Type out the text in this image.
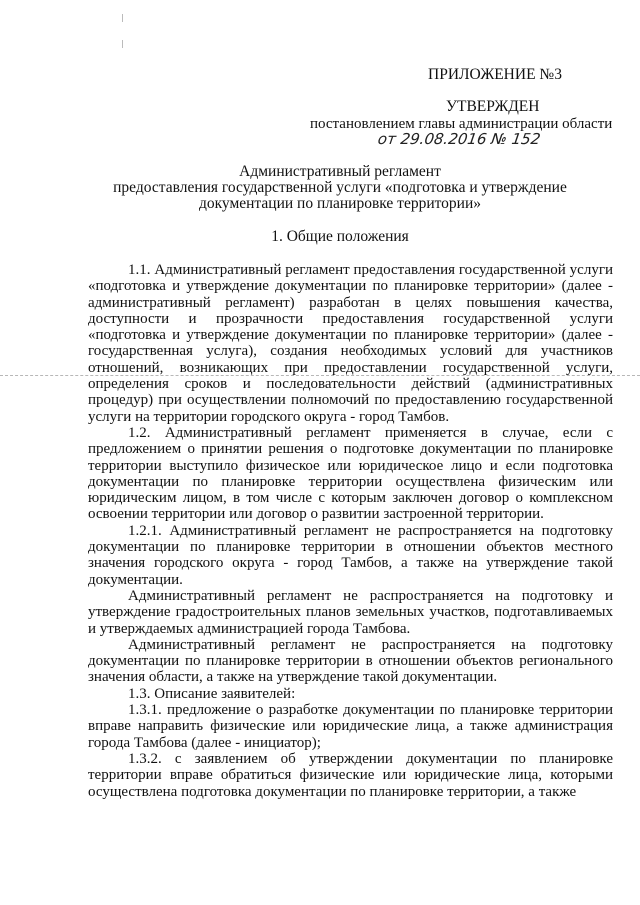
ПРИЛОЖЕНИЕ №3
УТВЕРЖДЕН
постановлением главы администрации области
от 29.08.2016 № 152
Административный регламент
предоставления государственной услуги «подготовка и утверждение
документации по планировке территории»
1. Общие положения

1.1. Административный регламент предоставления государственной услуги «подготовка и утверждение документации по планировке территории» (далее - административный регламент) разработан в целях повышения качества, доступности и прозрачности предоставления государственной услуги «подготовка и утверждение документации по планировке территории» (далее - государственная услуга), создания необходимых условий для участников отношений, возникающих при предоставлении государственной услуги, определения сроков и последовательности действий (административных процедур) при осуществлении полномочий по предоставлению государственной услуги на территории городского округа - город Тамбов.

1.2. Административный регламент применяется в случае, если с предложением о принятии решения о подготовке документации по планировке территории выступило физическое или юридическое лицо и если подготовка документации по планировке территории осуществлена физическим или юридическим лицом, в том числе с которым заключен договор о комплексном освоении территории или договор о развитии застроенной территории.

1.2.1. Административный регламент не распространяется на подготовку документации по планировке территории в отношении объектов местного значения городского округа - город Тамбов, а также на утверждение такой документации.

Административный регламент не распространяется на подготовку и утверждение градостроительных планов земельных участков, подготавливаемых и утверждаемых администрацией города Тамбова.

Административный регламент не распространяется на подготовку документации по планировке территории в отношении объектов регионального значения области, а также на утверждение такой документации.

1.3. Описание заявителей:

1.3.1. предложение о разработке документации по планировке территории вправе направить физические или юридические лица, а также администрация города Тамбова (далее - инициатор);

1.3.2. с заявлением об утверждении документации по планировке территории вправе обратиться физические или юридические лица, которыми осуществлена подготовка документации по планировке территории, а также
